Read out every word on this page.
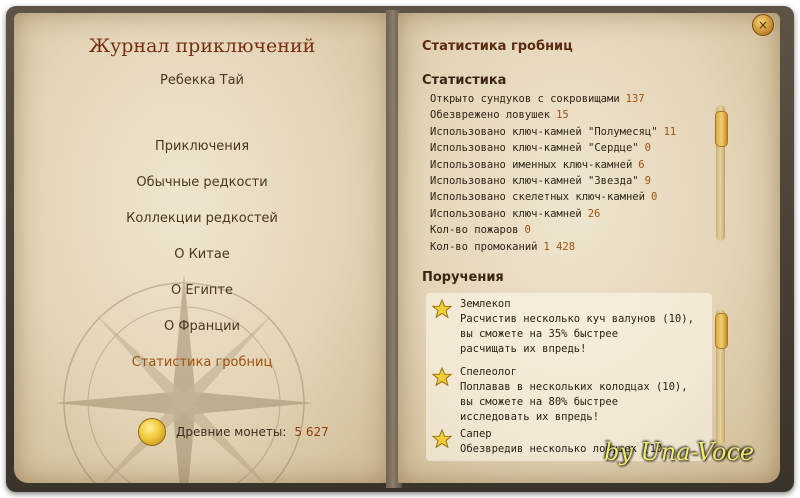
Журнал приключений
Ребекка Тай
Приключения
Обычные редкости
Коллекции редкостей
О Китае
О Египте
О Франции
Статистика гробниц
Древние монеты: 5 627
Статистика гробниц
Статистика
Открыто сундуков с сокровищами 137
Обезврежено ловушек 15
Использовано ключ-камней "Полумесяц" 11
Использовано ключ-камней "Сердце" 0
Использовано именных ключ-камней 6
Использовано ключ-камней "Звезда" 9
Использовано скелетных ключ-камней 0
Использовано ключ-камней 26
Кол-во пожаров 0
Кол-во промоканий 1 428
Поручения
Землекоп
Расчистив несколько куч валунов (10),
вы сможете на 35% быстрее
расчищать их впредь!
Спелеолог
Поплавав в нескольких колодцах (10),
вы сможете на 80% быстрее
исследовать их впредь!
Сапер
Обезвредив несколько ловушек (10
×
by Una-Voce
